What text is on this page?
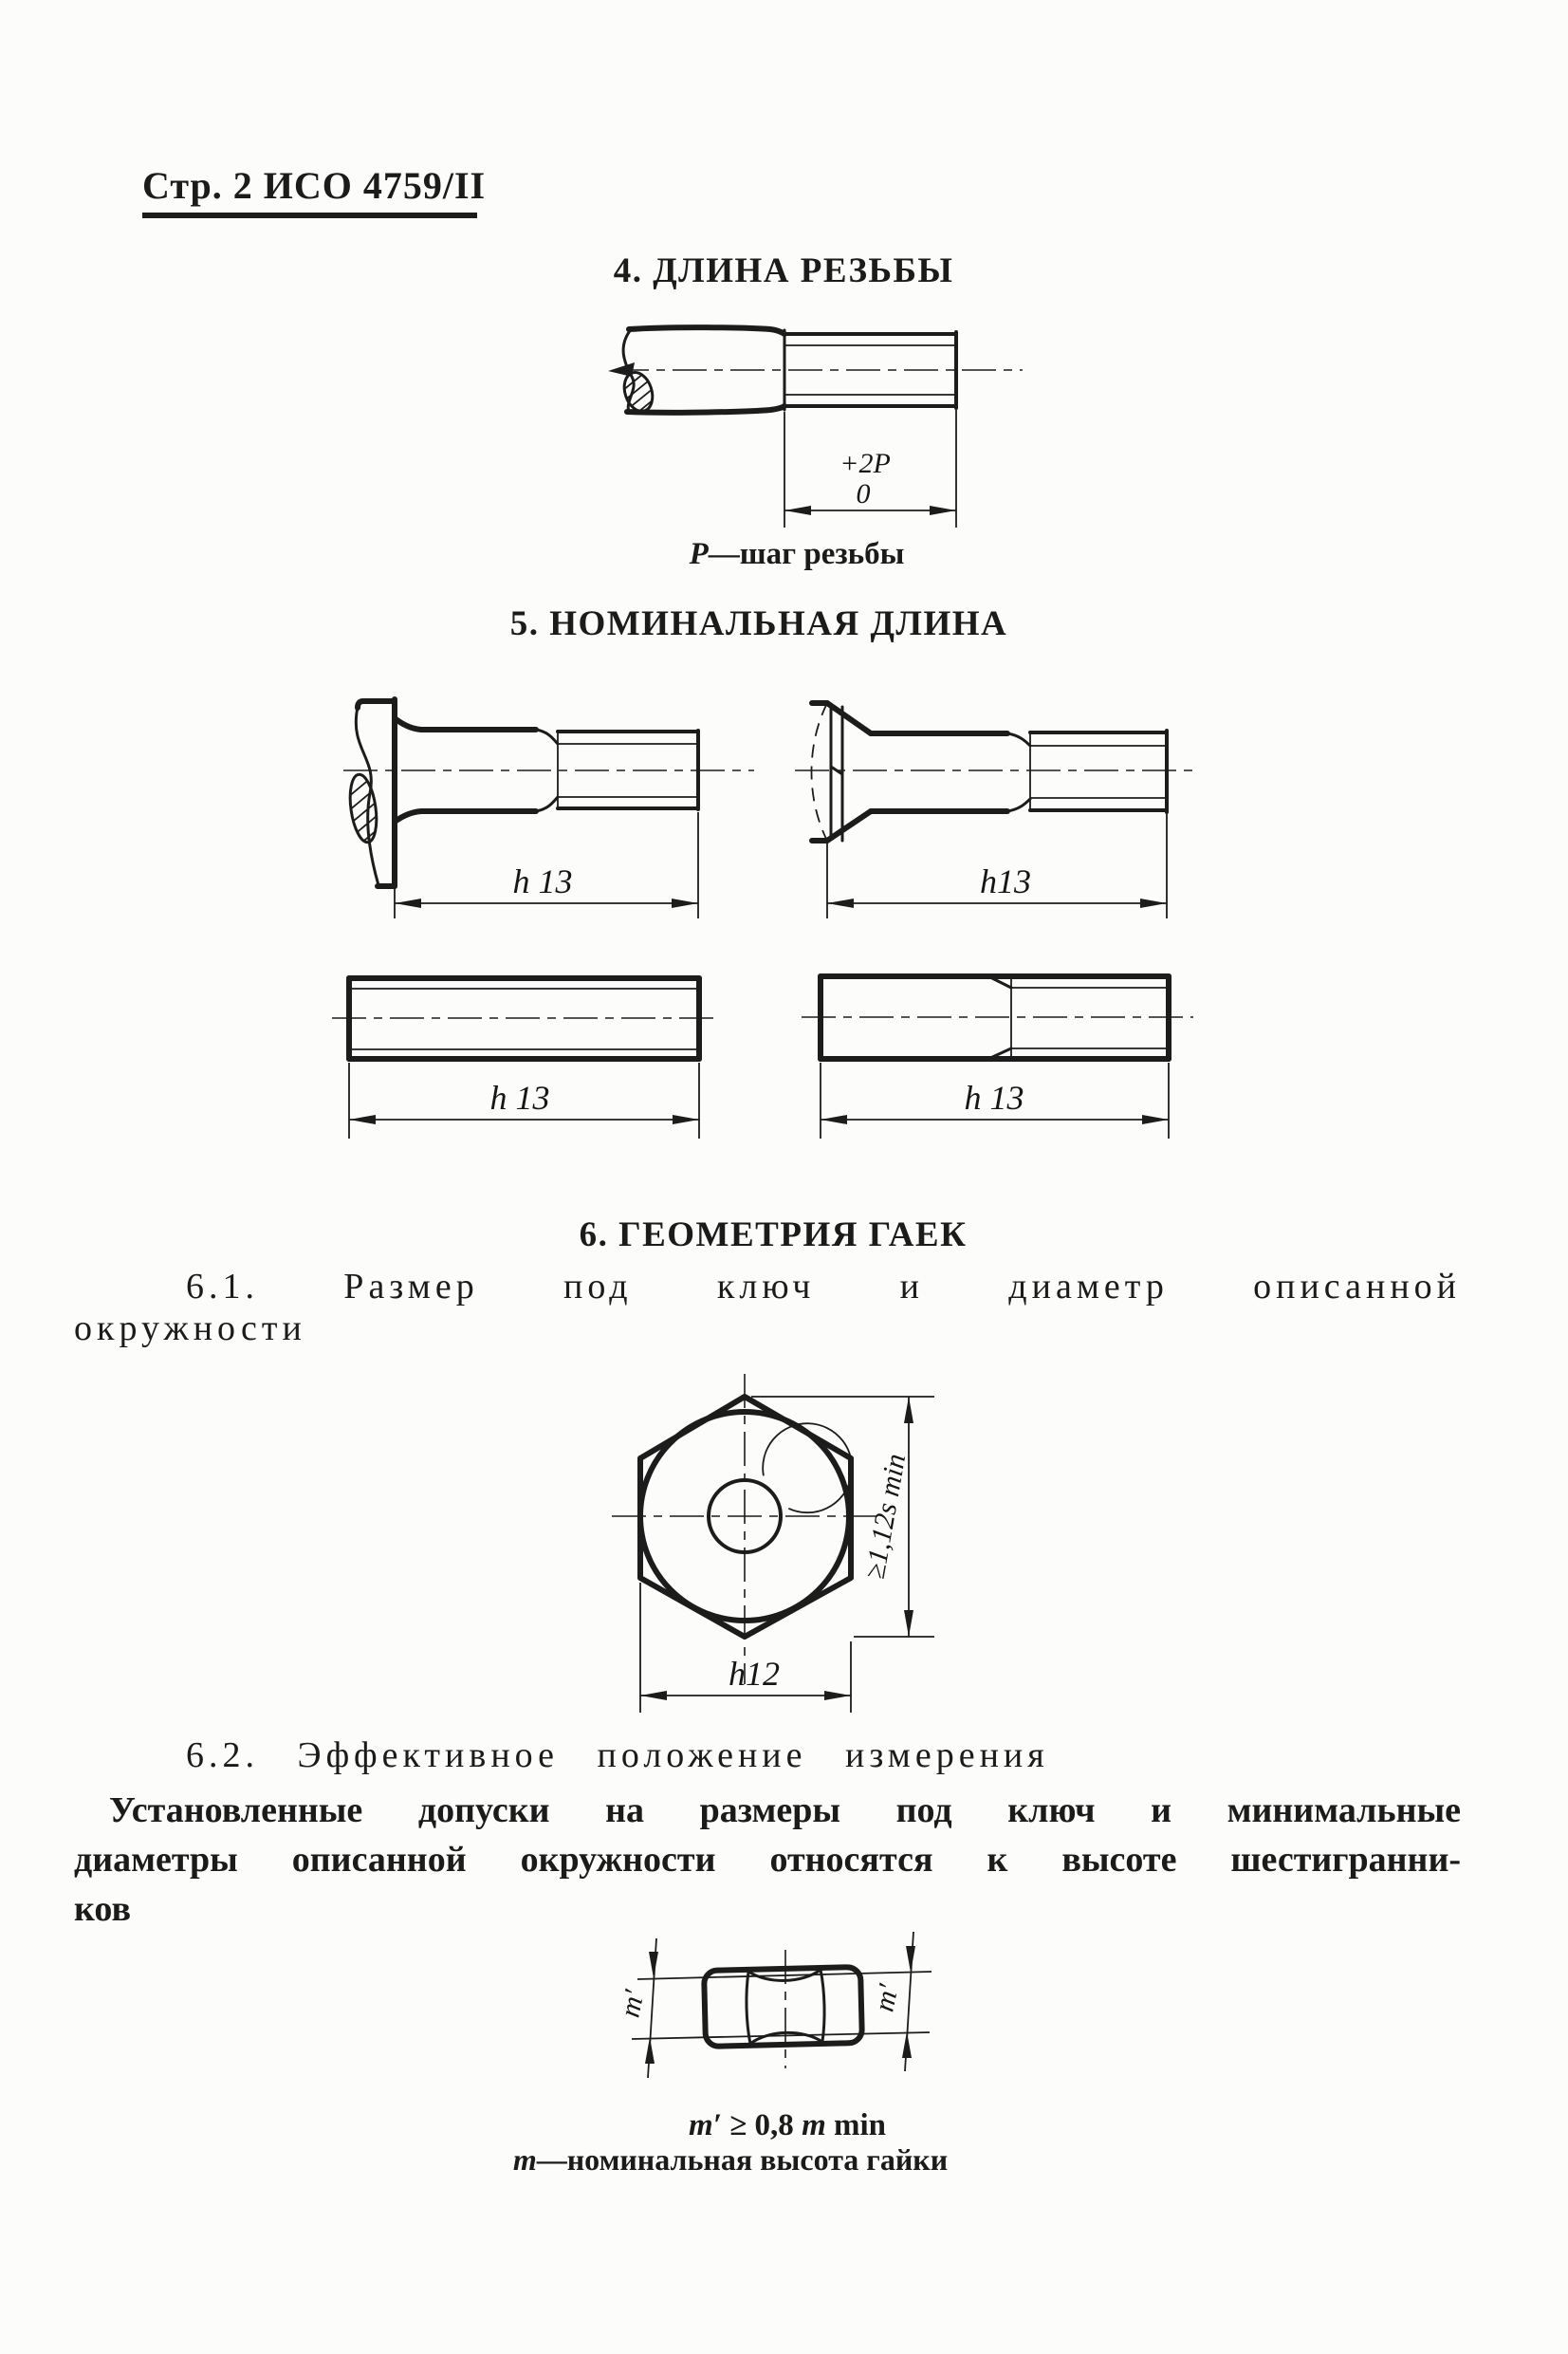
Стр. 2 ИСО 4759/II
4. ДЛИНА РЕЗЬБЫ
+2P
0
P—шаг резьбы
5. НОМИНАЛЬНАЯ ДЛИНА
h 13	h13
h 13	h 13
6. ГЕОМЕТРИЯ ГАЕК
6.1. Размер под ключ и диаметр описанной
окружности
≥1,12s min
h12
6.2. Эффективное положение измерения
Установленные допуски на размеры под ключ и минимальные
диаметры описанной окружности относятся к высоте шестигранни-
ков
m′	m′
m′ ≥ 0,8 m min
m—номинальная высота гайки
